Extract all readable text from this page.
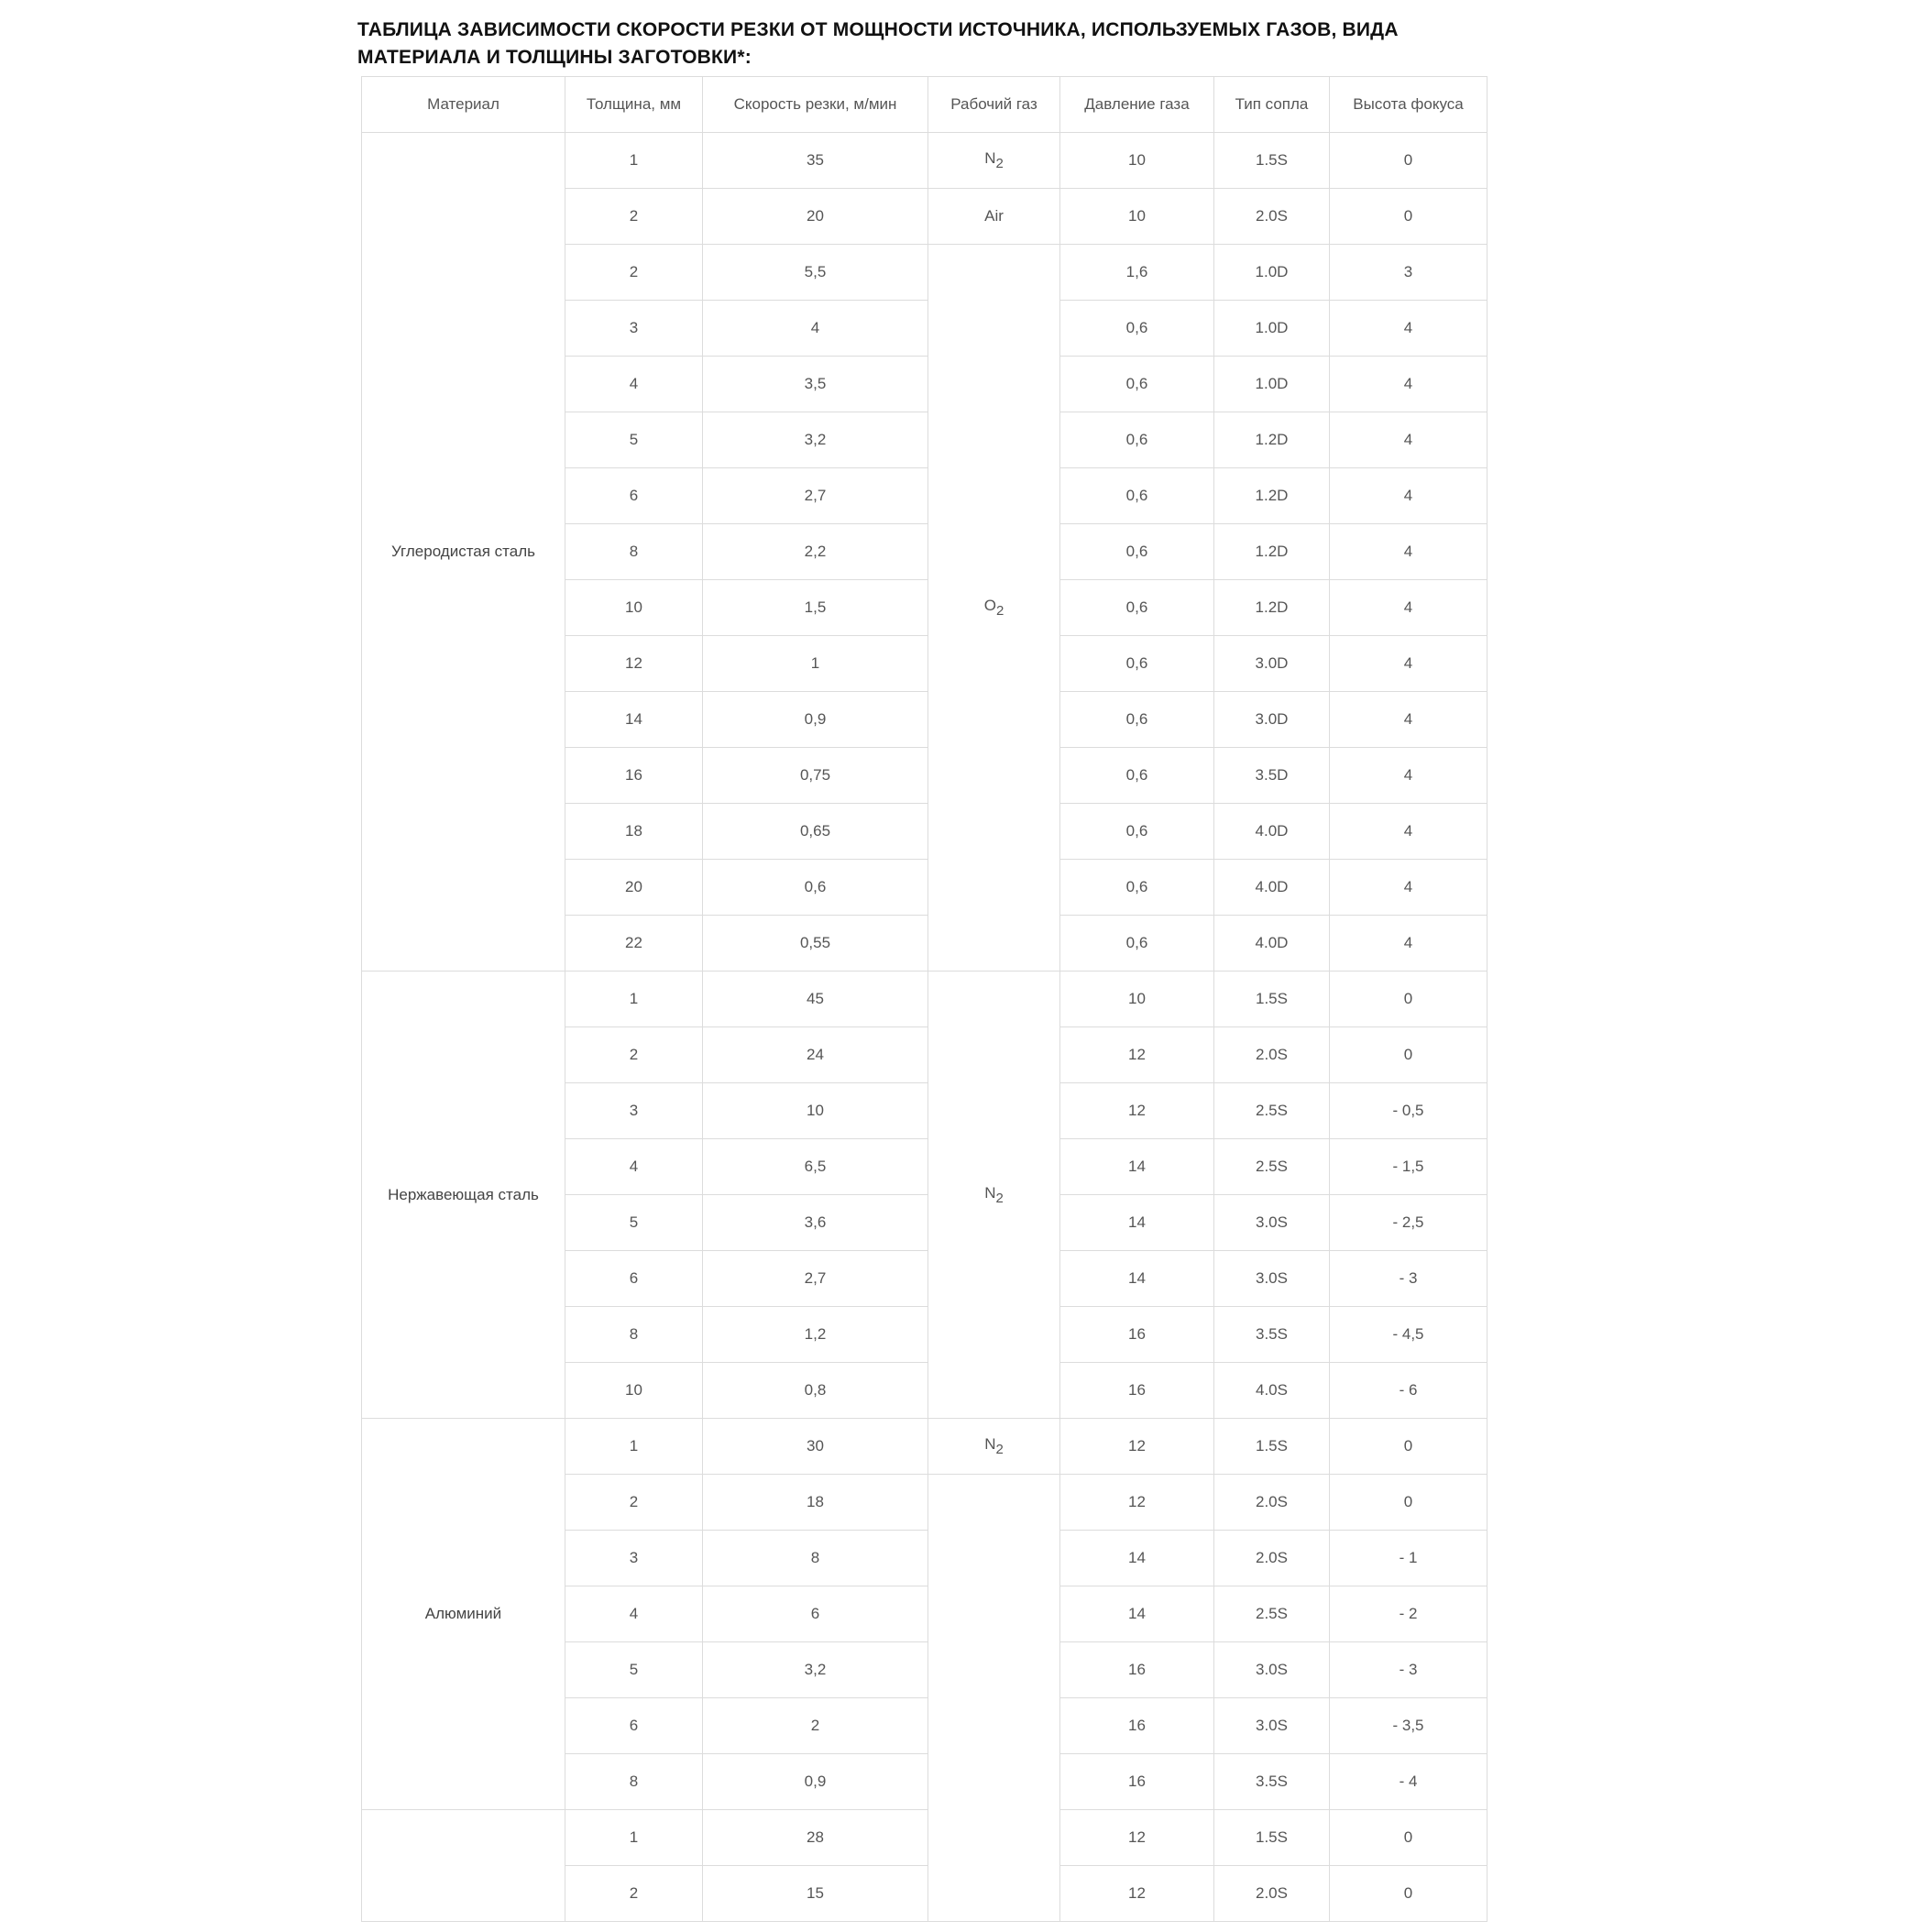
ТАБЛИЦА ЗАВИСИМОСТИ СКОРОСТИ РЕЗКИ ОТ МОЩНОСТИ ИСТОЧНИКА, ИСПОЛЬЗУЕМЫХ ГАЗОВ, ВИДА МАТЕРИАЛА И ТОЛЩИНЫ ЗАГОТОВКИ*:
Материал	Толщина, мм	Скорость резки, м/мин	Рабочий газ	Давление газа	Тип сопла	Высота фокуса
Углеродистая сталь	1	35	$N_2$	10	1.5S	0
	2	20	Air	10	2.0S	0
	2	5,5	$O_2$	1,6	1.0D	3
	3	4		0,6	1.0D	4
	4	3,5		0,6	1.0D	4
	5	3,2		0,6	1.2D	4
	6	2,7		0,6	1.2D	4
	8	2,2		0,6	1.2D	4
	10	1,5		0,6	1.2D	4
	12	1		0,6	3.0D	4
	14	0,9		0,6	3.0D	4
	16	0,75		0,6	3.5D	4
	18	0,65		0,6	4.0D	4
	20	0,6		0,6	4.0D	4
	22	0,55		0,6	4.0D	4
Нержавеющая сталь	1	45	$N_2$	10	1.5S	0
	2	24		12	2.0S	0
	3	10		12	2.5S	- 0,5
	4	6,5		14	2.5S	- 1,5
	5	3,6		14	3.0S	- 2,5
	6	2,7		14	3.0S	- 3
	8	1,2		16	3.5S	- 4,5
	10	0,8		16	4.0S	- 6
Алюминий	1	30	$N_2$	12	1.5S	0
	2	18		12	2.0S	0
	3	8		14	2.0S	- 1
	4	6		14	2.5S	- 2
	5	3,2		16	3.0S	- 3
	6	2		16	3.0S	- 3,5
	8	0,9		16	3.5S	- 4
	1	28		12	1.5S	0
	2	15		12	2.0S	0
